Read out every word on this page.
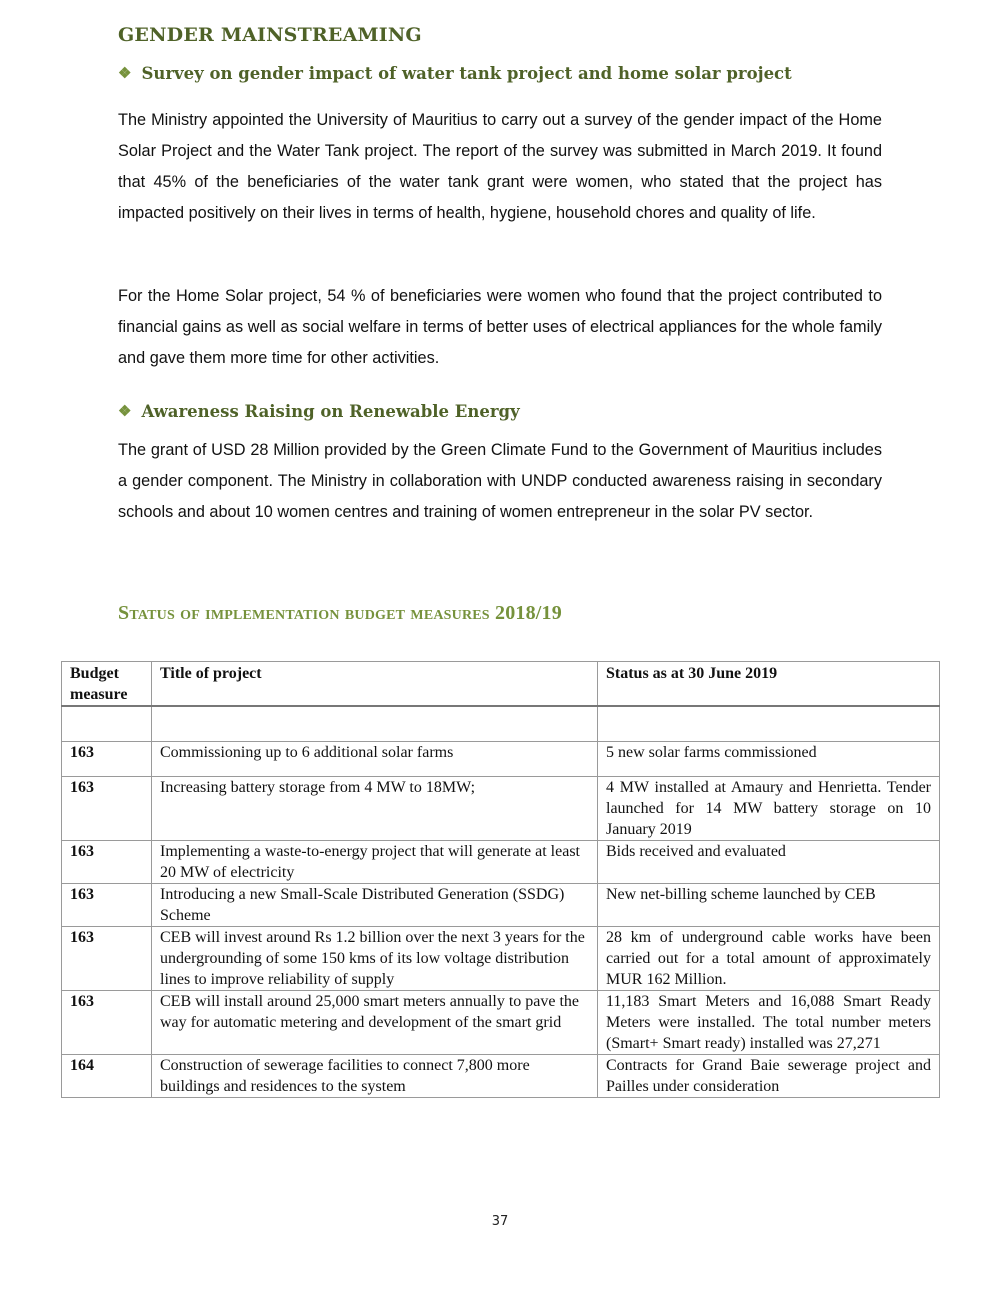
GENDER MAINSTREAMING
❖ Survey on gender impact of water tank project and home solar project

The Ministry appointed the University of Mauritius to carry out a survey of the gender impact of the Home Solar Project and the Water Tank project. The report of the survey was submitted in March 2019. It found that 45% of the beneficiaries of the water tank grant were women, who stated that the project has impacted positively on their lives in terms of health, hygiene, household chores and quality of life.

For the Home Solar project, 54 % of beneficiaries were women who found that the project contributed to financial gains as well as social welfare in terms of better uses of electrical appliances for the whole family and gave them more time for other activities.

❖ Awareness Raising on Renewable Energy

The grant of USD 28 Million provided by the Green Climate Fund to the Government of Mauritius includes a gender component. The Ministry in collaboration with UNDP conducted awareness raising in secondary schools and about 10 women centres and training of women entrepreneur in the solar PV sector.

Status of implementation budget measures 2018/19
Budget measure	Title of project	Status as at 30 June 2019

163	Commissioning up to 6 additional solar farms	5 new solar farms commissioned
163	Increasing battery storage from 4 MW to 18MW;	4 MW installed at Amaury and Henrietta. Tender launched for 14 MW battery storage on 10 January 2019
163	Implementing a waste-to-energy project that will generate at least 20 MW of electricity	Bids received and evaluated
163	Introducing a new Small-Scale Distributed Generation (SSDG) Scheme	New net-billing scheme launched by CEB
163	CEB will invest around Rs 1.2 billion over the next 3 years for the undergrounding of some 150 kms of its low voltage distribution lines to improve reliability of supply	28 km of underground cable works have been carried out for a total amount of approximately MUR 162 Million.
163	CEB will install around 25,000 smart meters annually to pave the way for automatic metering and development of the smart grid	11,183 Smart Meters and 16,088 Smart Ready Meters were installed. The total number meters (Smart+ Smart ready) installed was 27,271
164	Construction of sewerage facilities to connect 7,800 more buildings and residences to the system	Contracts for Grand Baie sewerage project and Pailles under consideration
37
